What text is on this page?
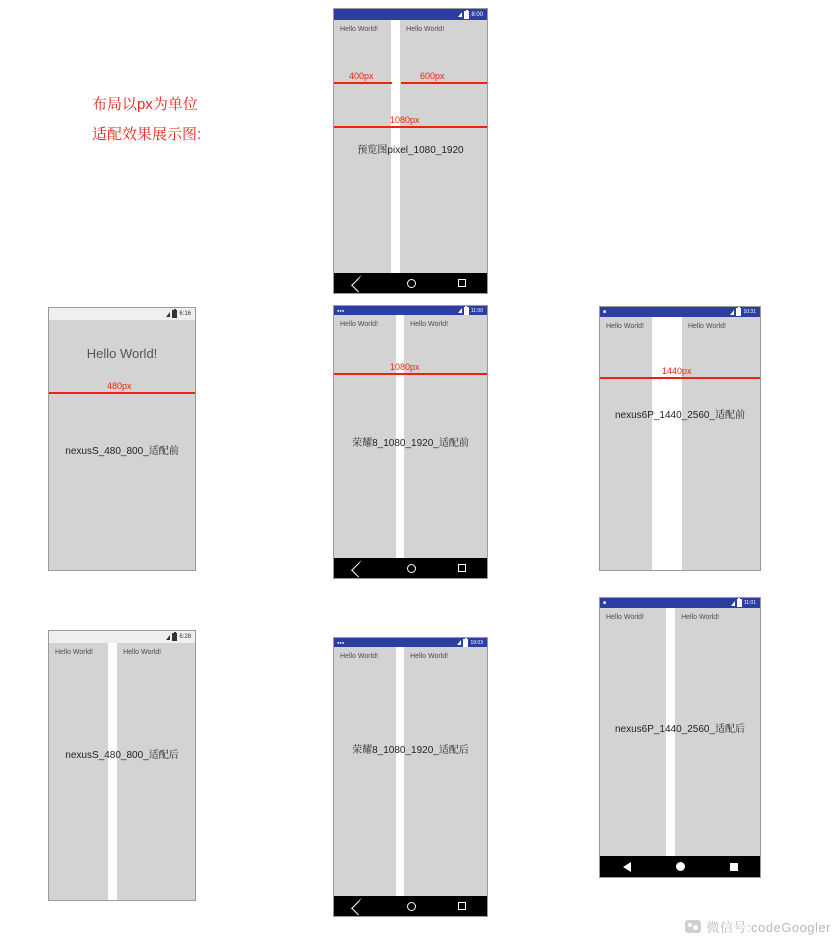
布局以px为单位
适配效果展示图:
8:00
Hello World!	Hello World!
400px	600px
1080px
预览图pixel_1080_1920
6:16
Hello World!
480px
nexusS_480_800_适配前
●●●	11:00
Hello World!	Hello World!
1080px
荣耀8_1080_1920_适配前
■	10:31
Hello World!	Hello World!
1440px
nexus6P_1440_2560_适配前
6:28
Hello World!	Hello World!
nexusS_480_800_适配后
●●●	19:03
Hello World!	Hello World!
荣耀8_1080_1920_适配后
■	11:01
Hello World!	Hello World!
nexus6P_1440_2560_适配后
微信号:codeGoogler
